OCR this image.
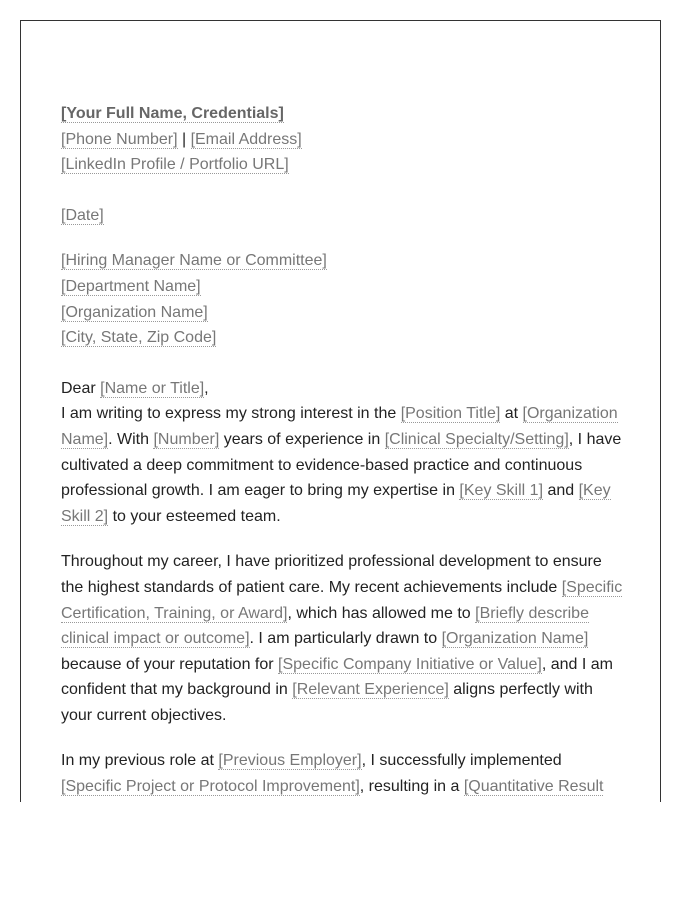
[Your Full Name, Credentials]

[Phone Number] | [Email Address]

[LinkedIn Profile / Portfolio URL]

[Date]

[Hiring Manager Name or Committee]

[Department Name]

[Organization Name]

[City, State, Zip Code]

Dear [Name or Title],

I am writing to express my strong interest in the [Position Title] at [Organization Name]. With [Number] years of experience in [Clinical Specialty/Setting], I have cultivated a deep commitment to evidence-based practice and continuous professional growth. I am eager to bring my expertise in [Key Skill 1] and [Key Skill 2] to your esteemed team.

Throughout my career, I have prioritized professional development to ensure the highest standards of patient care. My recent achievements include [Specific Certification, Training, or Award], which has allowed me to [Briefly describe clinical impact or outcome]. I am particularly drawn to [Organization Name] because of your reputation for [Specific Company Initiative or Value], and I am confident that my background in [Relevant Experience] aligns perfectly with your current objectives.

In my previous role at [Previous Employer], I successfully implemented [Specific Project or Protocol Improvement], resulting in a [Quantitative Result
